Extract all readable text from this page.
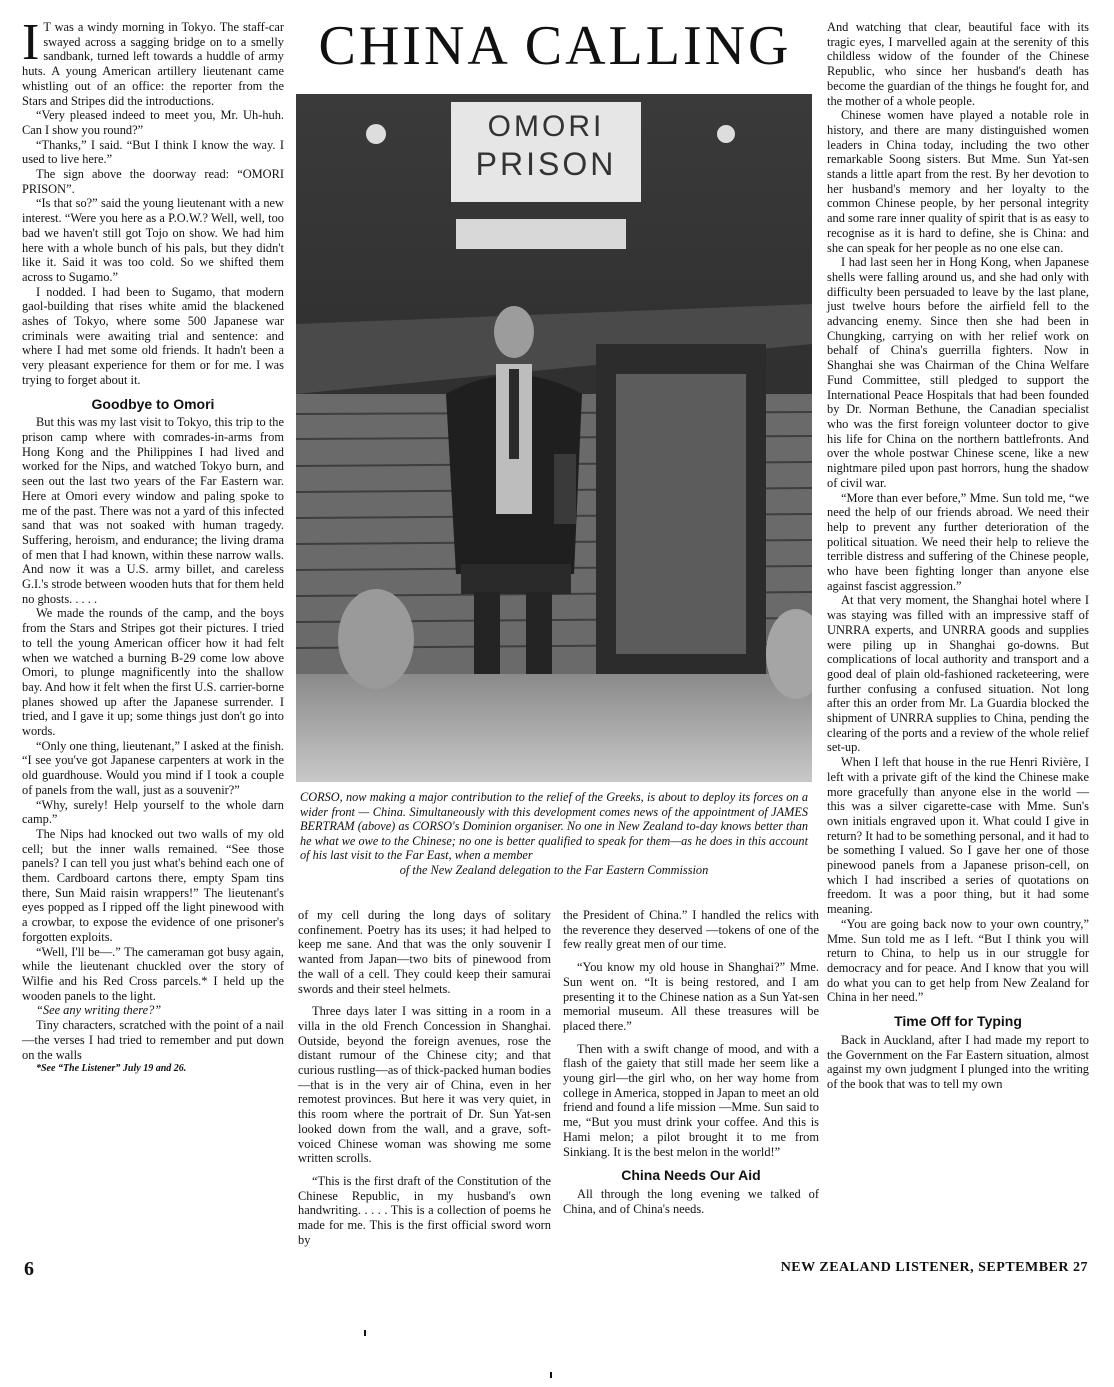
CHINA CALLING

I T was a windy morning in Tokyo. The staff-car swayed across a sagging bridge on to a smelly sandbank, turned left towards a huddle of army huts. A young American artillery lieutenant came whistling out of an office: the reporter from the Stars and Stripes did the introductions.

“Very pleased indeed to meet you, Mr. Uh-huh. Can I show you round?”

“Thanks,” I said. “But I think I know the way. I used to live here.”

The sign above the doorway read: “OMORI PRISON”.

“Is that so?” said the young lieutenant with a new interest. “Were you here as a P.O.W.? Well, well, too bad we haven't still got Tojo on show. We had him here with a whole bunch of his pals, but they didn't like it. Said it was too cold. So we shifted them across to Sugamo.”

I nodded. I had been to Sugamo, that modern gaol-building that rises white amid the blackened ashes of Tokyo, where some 500 Japanese war criminals were awaiting trial and sentence: and where I had met some old friends. It hadn't been a very pleasant experience for them or for me. I was trying to forget about it.

Goodbye to Omori

But this was my last visit to Tokyo, this trip to the prison camp where with comrades-in-arms from Hong Kong and the Philippines I had lived and worked for the Nips, and watched Tokyo burn, and seen out the last two years of the Far Eastern war. Here at Omori every window and paling spoke to me of the past. There was not a yard of this infected sand that was not soaked with human tragedy. Suffering, heroism, and endurance; the living drama of men that I had known, within these narrow walls. And now it was a U.S. army billet, and careless G.I.'s strode between wooden huts that for them held no ghosts. . . . .

We made the rounds of the camp, and the boys from the Stars and Stripes got their pictures. I tried to tell the young American officer how it had felt when we watched a burning B-29 come low above Omori, to plunge magnificently into the shallow bay. And how it felt when the first U.S. carrier-borne planes showed up after the Japanese surrender. I tried, and I gave it up; some things just don't go into words.

“Only one thing, lieutenant,” I asked at the finish. “I see you've got Japanese carpenters at work in the old guardhouse. Would you mind if I took a couple of panels from the wall, just as a souvenir?”

“Why, surely! Help yourself to the whole darn camp.”

The Nips had knocked out two walls of my old cell; but the inner walls remained. “See those panels? I can tell you just what's behind each one of them. Cardboard cartons there, empty Spam tins there, Sun Maid raisin wrappers!” The lieutenant's eyes popped as I ripped off the light pinewood with a crowbar, to expose the evidence of one prisoner's forgotten exploits.

“Well, I'll be—.” The cameraman got busy again, while the lieutenant chuckled over the story of Wilfie and his Red Cross parcels.* I held up the wooden panels to the light.

“See any writing there?”

Tiny characters, scratched with the point of a nail—the verses I had tried to remember and put down on the walls

*See “The Listener” July 19 and 26.

OMORI
PRISON
CORSO, now making a major contribution to the relief of the Greeks, is about to deploy its forces on a wider front — China. Simultaneously with this development comes news of the appointment of JAMES BERTRAM (above) as CORSO's Dominion organiser. No one in New Zealand to-day knows better than he what we owe to the Chinese; no one is better qualified to speak for them—as he does in this account of his last visit to the Far East, when a member
of the New Zealand delegation to the Far Eastern Commission

of my cell during the long days of solitary confinement. Poetry has its uses; it had helped to keep me sane. And that was the only souvenir I wanted from Japan—two bits of pinewood from the wall of a cell. They could keep their samurai swords and their steel helmets.

Three days later I was sitting in a room in a villa in the old French Concession in Shanghai. Outside, beyond the foreign avenues, rose the distant rumour of the Chinese city; and that curious rustling—as of thick-packed human bodies—that is in the very air of China, even in her remotest provinces. But here it was very quiet, in this room where the portrait of Dr. Sun Yat-sen looked down from the wall, and a grave, soft-voiced Chinese woman was showing me some written scrolls.

“This is the first draft of the Constitution of the Chinese Republic, in my husband's own handwriting. . . . . This is a collection of poems he made for me. This is the first official sword worn by

the President of China.” I handled the relics with the reverence they deserved —tokens of one of the few really great men of our time.

“You know my old house in Shanghai?” Mme. Sun went on. “It is being restored, and I am presenting it to the Chinese nation as a Sun Yat-sen memorial museum. All these treasures will be placed there.”

Then with a swift change of mood, and with a flash of the gaiety that still made her seem like a young girl—the girl who, on her way home from college in America, stopped in Japan to meet an old friend and found a life mission —Mme. Sun said to me, “But you must drink your coffee. And this is Hami melon; a pilot brought it to me from Sinkiang. It is the best melon in the world!”

China Needs Our Aid

All through the long evening we talked of China, and of China's needs.

And watching that clear, beautiful face with its tragic eyes, I marvelled again at the serenity of this childless widow of the founder of the Chinese Republic, who since her husband's death has become the guardian of the things he fought for, and the mother of a whole people.

Chinese women have played a notable role in history, and there are many distinguished women leaders in China today, including the two other remarkable Soong sisters. But Mme. Sun Yat-sen stands a little apart from the rest. By her devotion to her husband's memory and her loyalty to the common Chinese people, by her personal integrity and some rare inner quality of spirit that is as easy to recognise as it is hard to define, she is China: and she can speak for her people as no one else can.

I had last seen her in Hong Kong, when Japanese shells were falling around us, and she had only with difficulty been persuaded to leave by the last plane, just twelve hours before the airfield fell to the advancing enemy. Since then she had been in Chungking, carrying on with her relief work on behalf of China's guerrilla fighters. Now in Shanghai she was Chairman of the China Welfare Fund Committee, still pledged to support the International Peace Hospitals that had been founded by Dr. Norman Bethune, the Canadian specialist who was the first foreign volunteer doctor to give his life for China on the northern battlefronts. And over the whole postwar Chinese scene, like a new nightmare piled upon past horrors, hung the shadow of civil war.

“More than ever before,” Mme. Sun told me, “we need the help of our friends abroad. We need their help to prevent any further deterioration of the political situation. We need their help to relieve the terrible distress and suffering of the Chinese people, who have been fighting longer than anyone else against fascist aggression.”

At that very moment, the Shanghai hotel where I was staying was filled with an impressive staff of UNRRA experts, and UNRRA goods and supplies were piling up in Shanghai go-downs. But complications of local authority and transport and a good deal of plain old-fashioned racketeering, were further confusing a confused situation. Not long after this an order from Mr. La Guardia blocked the shipment of UNRRA supplies to China, pending the clearing of the ports and a review of the whole relief set-up.

When I left that house in the rue Henri Rivière, I left with a private gift of the kind the Chinese make more gracefully than anyone else in the world — this was a silver cigarette-case with Mme. Sun's own initials engraved upon it. What could I give in return? It had to be something personal, and it had to be something I valued. So I gave her one of those pinewood panels from a Japanese prison-cell, on which I had inscribed a series of quotations on freedom. It was a poor thing, but it had some meaning.

“You are going back now to your own country,” Mme. Sun told me as I left. “But I think you will return to China, to help us in our struggle for democracy and for peace. And I know that you will do what you can to get help from New Zealand for China in her need.”

Time Off for Typing

Back in Auckland, after I had made my report to the Government on the Far Eastern situation, almost against my own judgment I plunged into the writing of the book that was to tell my own

6	NEW ZEALAND LISTENER, SEPTEMBER 27
